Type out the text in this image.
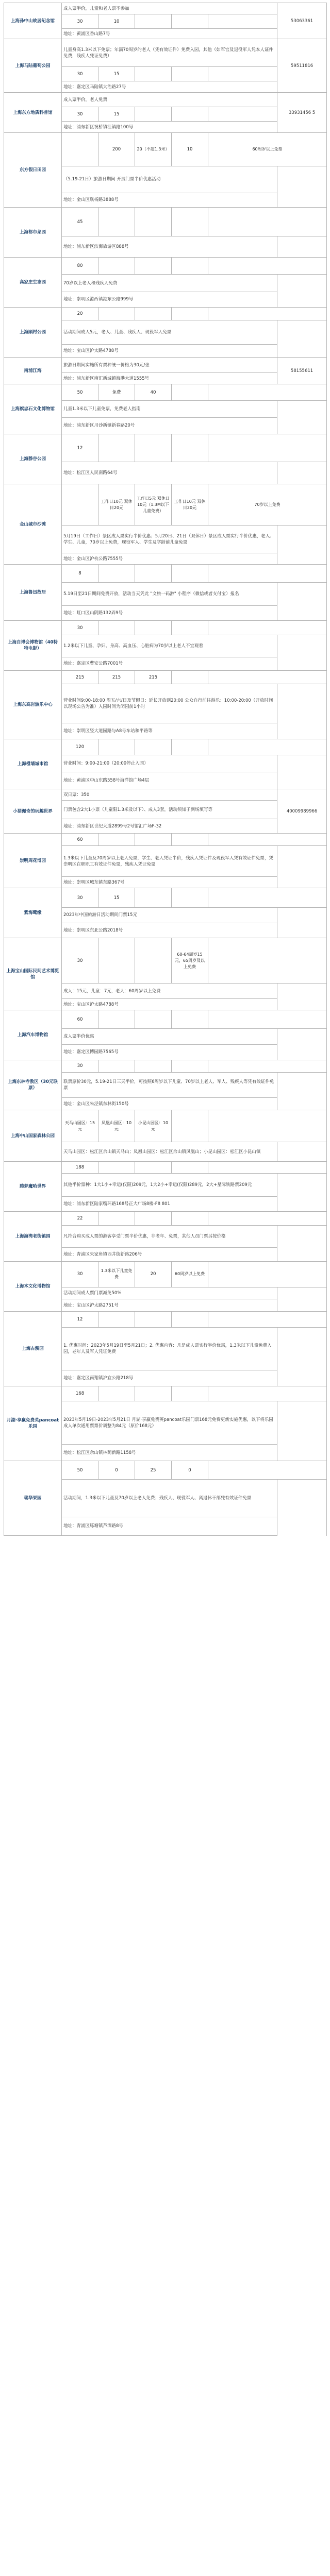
上海孙中山故居纪念馆	成人票半价，儿童和老人票不参加					53063361	
	30	10					
	地址：黄浦区香山路7号						
上海马陆葡萄公园	儿童身高1.3米以下免票；年满70周岁的老人（凭有效证件）免费入园，其他（如军官及退役军人凭本人证件免费，残疾人凭证免费）					59511816	
	30	15					
	地址：嘉定区马陆镇大治路27号						
上海东方地质科普馆	成人票半价，老人免票					33931456 5	
	30	15					
	地址：浦东新区祝桥镇江镇路100号						
东方假日田园		200	20（不超1.3米）	10	60周岁以上免票	
	（5.19-21日）旅游日期间 开展门票半价优惠活动						
	地址：金山区联杨路3888号						
上海都市菜园	45					
	地址：浦东新区滨海旅游区888号						
高家庄生态园	80					
	70岁以上老人和残疾人免费						
	地址：崇明区港西镇港东公路999号						
上海顾村公园	20					
	活动期间成人5元，老人、儿童、残疾人、现役军人免票						
	地址：宝山区沪太路4788号						
南浦江海	旅游日期间实施所有票种统一价格为30元/张					58155611	
	地址：浦东新区南汇新城镇海港大道1555号						
上海旗忠石文化博物馆	50	免费	40			
	儿童1.3米以下儿童免票，免费老人指南						
	地址：浦东新区川沙新镇新春路20号						
上海静谷公园	12					
	地址：松江区人民南路64号						
金山城市沙滩		工作日10元 双休日20元	工作日5元 双休日10元（1.3M以下儿童免费）	工作日10元 双休日20元	70岁以上免费	
	5月19日（工作日）景区成人票实行半价优惠；5月20日、21日（双休日）景区成人票实行半价优惠，老人、学生、儿童，70岁以上免费，现役军人、学生及学龄前儿童免票						
	地址：金山区沪杭公路7555号						
上海鲁迅故居	8					
	5.19日至21日期间免费开放，活动当天凭此 "文旅一码游" 小程序（微信或者支付宝）报名						
	地址：虹口区山阴路132弄9号						
上海自博会博物馆（40特特电影）	30					
	1.2米以下儿童、孕妇、身高、高血压、心脏病为70岁以上老人不宜观看						
	地址：嘉定区曹安公路7001号						
上海东高岩游乐中心	215	215	215			
	营业时间9:00-18:00 周五/六/日及节假日：延长开放到20:00 公众自行前往游乐：10:00-20:00（开放时间以现场公告为准）入园时间为闭园前1小时						
	地址：崇明区竖大道园路与A8号车站和平路等						
上海橙墙城市馆	120					
	营业时间：9:00-21:00（20:00停止入园）						
	地址：黄浦区中山东路558号海洋馆广场4层						
小猪佩奇的玩趣世界	双日票：350					40009989966	
	门票包含2大1小票（儿童限1.3米及以下）、成人3套，活动须知于到场填写等						
	地址：浦东新区世纪大道2899号2号馆汇广场F-32						
崇明周花博园	60					
	1.3米以下儿童及70周岁以上老人免票，学生、老人凭证半价，残疾人凭证件及现役军人凭有效证件免票，凭崇明区在职职工有效证件免票，残疾人凭证免票						
	地址：崇明区城东镇东路367号						
紫海鹭缘	30	15				
	2023年中国旅游日活动期间门票15元						
	地址：崇明区东北公路2018号						
上海宝山国际民间艺术博览馆	30			60-64周岁15元，65周岁及以上免费		
	成人：15元，儿童：7元，老人：60周岁以上免费						
	地址：宝山区沪太路4788号						
上海汽车博物馆	60					
	成人票半价优惠						
	地址：嘉定区博园路7565号						
上海东林寺教区（30元联票）	30					
	联票原价30元，5.19-21日三天半价，可按照6周岁以下儿童、70岁以上老人、军人、残疾人等凭有效证件免票						
	地址：金山区朱泾镇东林街150号						
上海中山国家森林公园	天马山园区：15元	凤凰山园区：10元	小昆山园区：10元			
	天马山园区：松江区佘山镇天马山；凤凰山园区：松江区佘山镇凤凰山；小昆山园区：松江区小昆山镇						
腾梦魔哈世界	188					
	其他半价票种：1大1小+幸运(仅限)209元，1大2小+幸运(仅限)289元，2大+星际铁路票209元						
	地址：浦东新区陆家嘴环路168号正大广场8楼-F8 801						
上海海湾老街镇园	22					
	凡符合购买成人票的游客享受门票半价优惠，非老年、免票，其他人员门票另按价格						
	地址：青浦区朱家角镇西井街新路206号						
上海本文化博物馆	30	1.3米以下儿童免费	20	60周岁以上免费		
	活动期间成人票门票减免50%						
	地址：宝山区沪太路2751号						
上海古漪园	12					
	1. 优惠时间：2023年5月19日至5月21日；2. 优惠内容：凡是成人票实行半价优惠，1.3米以下儿童免费入园，老年人及军人凭证免费						
	地址：嘉定区南翔镇沪宜公路218号						
月湖·享赢免费英pancoat乐园	168					
	2023年5月19日-2023年5月21日 月湖·享赢免费英pancoat乐园门票168元免费更新实施优惠，以下将乐园成人单次通用票票价调整为84元（原价168元）						
	地址：松江区佘山镇林荫新路1158号						
瑞华果园	50	0	25	0		
	活动期间，1.3米以下儿童及70岁以上老人免费；残疾人、现役军人、离退休干部凭有效证件免票						
	地址：青浦区练塘镇芦潭路8号						
